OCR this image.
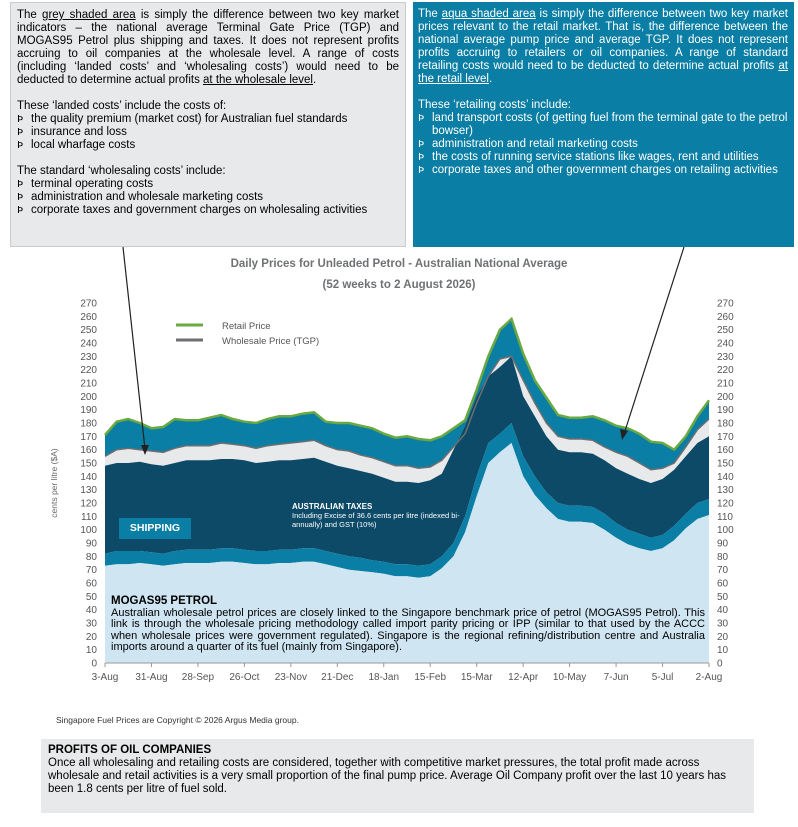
The grey shaded area is simply the difference between two key market indicators – the national average Terminal Gate Price (TGP) and MOGAS95 Petrol plus shipping and taxes. It does not represent profits accruing to oil companies at the wholesale level. A range of costs (including ‘landed costs’ and ‘wholesaling costs’) would need to be deducted to determine actual profits at the wholesale level.

These ‘landed costs’ include the costs of:

Þ the quality premium (market cost) for Australian fuel standards
Þ insurance and loss
Þ local wharfage costs

The standard ‘wholesaling costs’ include:

Þ terminal operating costs
Þ administration and wholesale marketing costs
Þ corporate taxes and government charges on wholesaling activities

The aqua shaded area is simply the difference between two key market prices relevant to the retail market. That is, the difference between the national average pump price and average TGP. It does not represent profits accruing to retailers or oil companies. A range of standard retailing costs would need to be deducted to determine actual profits at the retail level.

These ‘retailing costs’ include:

Þ land transport costs (of getting fuel from the terminal gate to the petrol bowser)
Þ administration and retail marketing costs
Þ the costs of running service stations like wages, rent and utilities
Þ corporate taxes and other government charges on retailing activities
Daily Prices for Unleaded Petrol - Australian National Average
(52 weeks to 2 August 2026)
0	0
10	10
20	20
30	30
40	40
50	50
60	60
70	70
80	80
90	90
100	100
110	110
120	120
130	130
140	140
150	150
160	160
170	170
180	180
190	190
200	200
210	210
220	220
230	230
240	240
250	250
260	260
270	270
3-Aug 31-Aug 28-Sep 26-Oct 23-Nov 21-Dec 18-Jan 15-Feb 15-Mar 12-Apr 10-May 7-Jun 5-Jul 2-Aug
cents per litre ($A)
Retail Price
Wholesale Price (TGP)
AUSTRALIAN TAXES
Including Excise of 36.6 cents per litre (indexed bi-annually) and GST (10%)
SHIPPING
MOGAS95 PETROL

Australian wholesale petrol prices are closely linked to the Singapore benchmark price of petrol (MOGAS95 Petrol). This link is through the wholesale pricing methodology called import parity pricing or IPP (similar to that used by the ACCC when wholesale prices were government regulated). Singapore is the regional refining/distribution centre and Australia imports around a quarter of its fuel (mainly from Singapore).

Singapore Fuel Prices are Copyright © 2026 Argus Media group.
PROFITS OF OIL COMPANIES
Once all wholesaling and retailing costs are considered, together with competitive market pressures, the total profit made across wholesale and retail activities is a very small proportion of the final pump price. Average Oil Company profit over the last 10 years has been 1.8 cents per litre of fuel sold.
